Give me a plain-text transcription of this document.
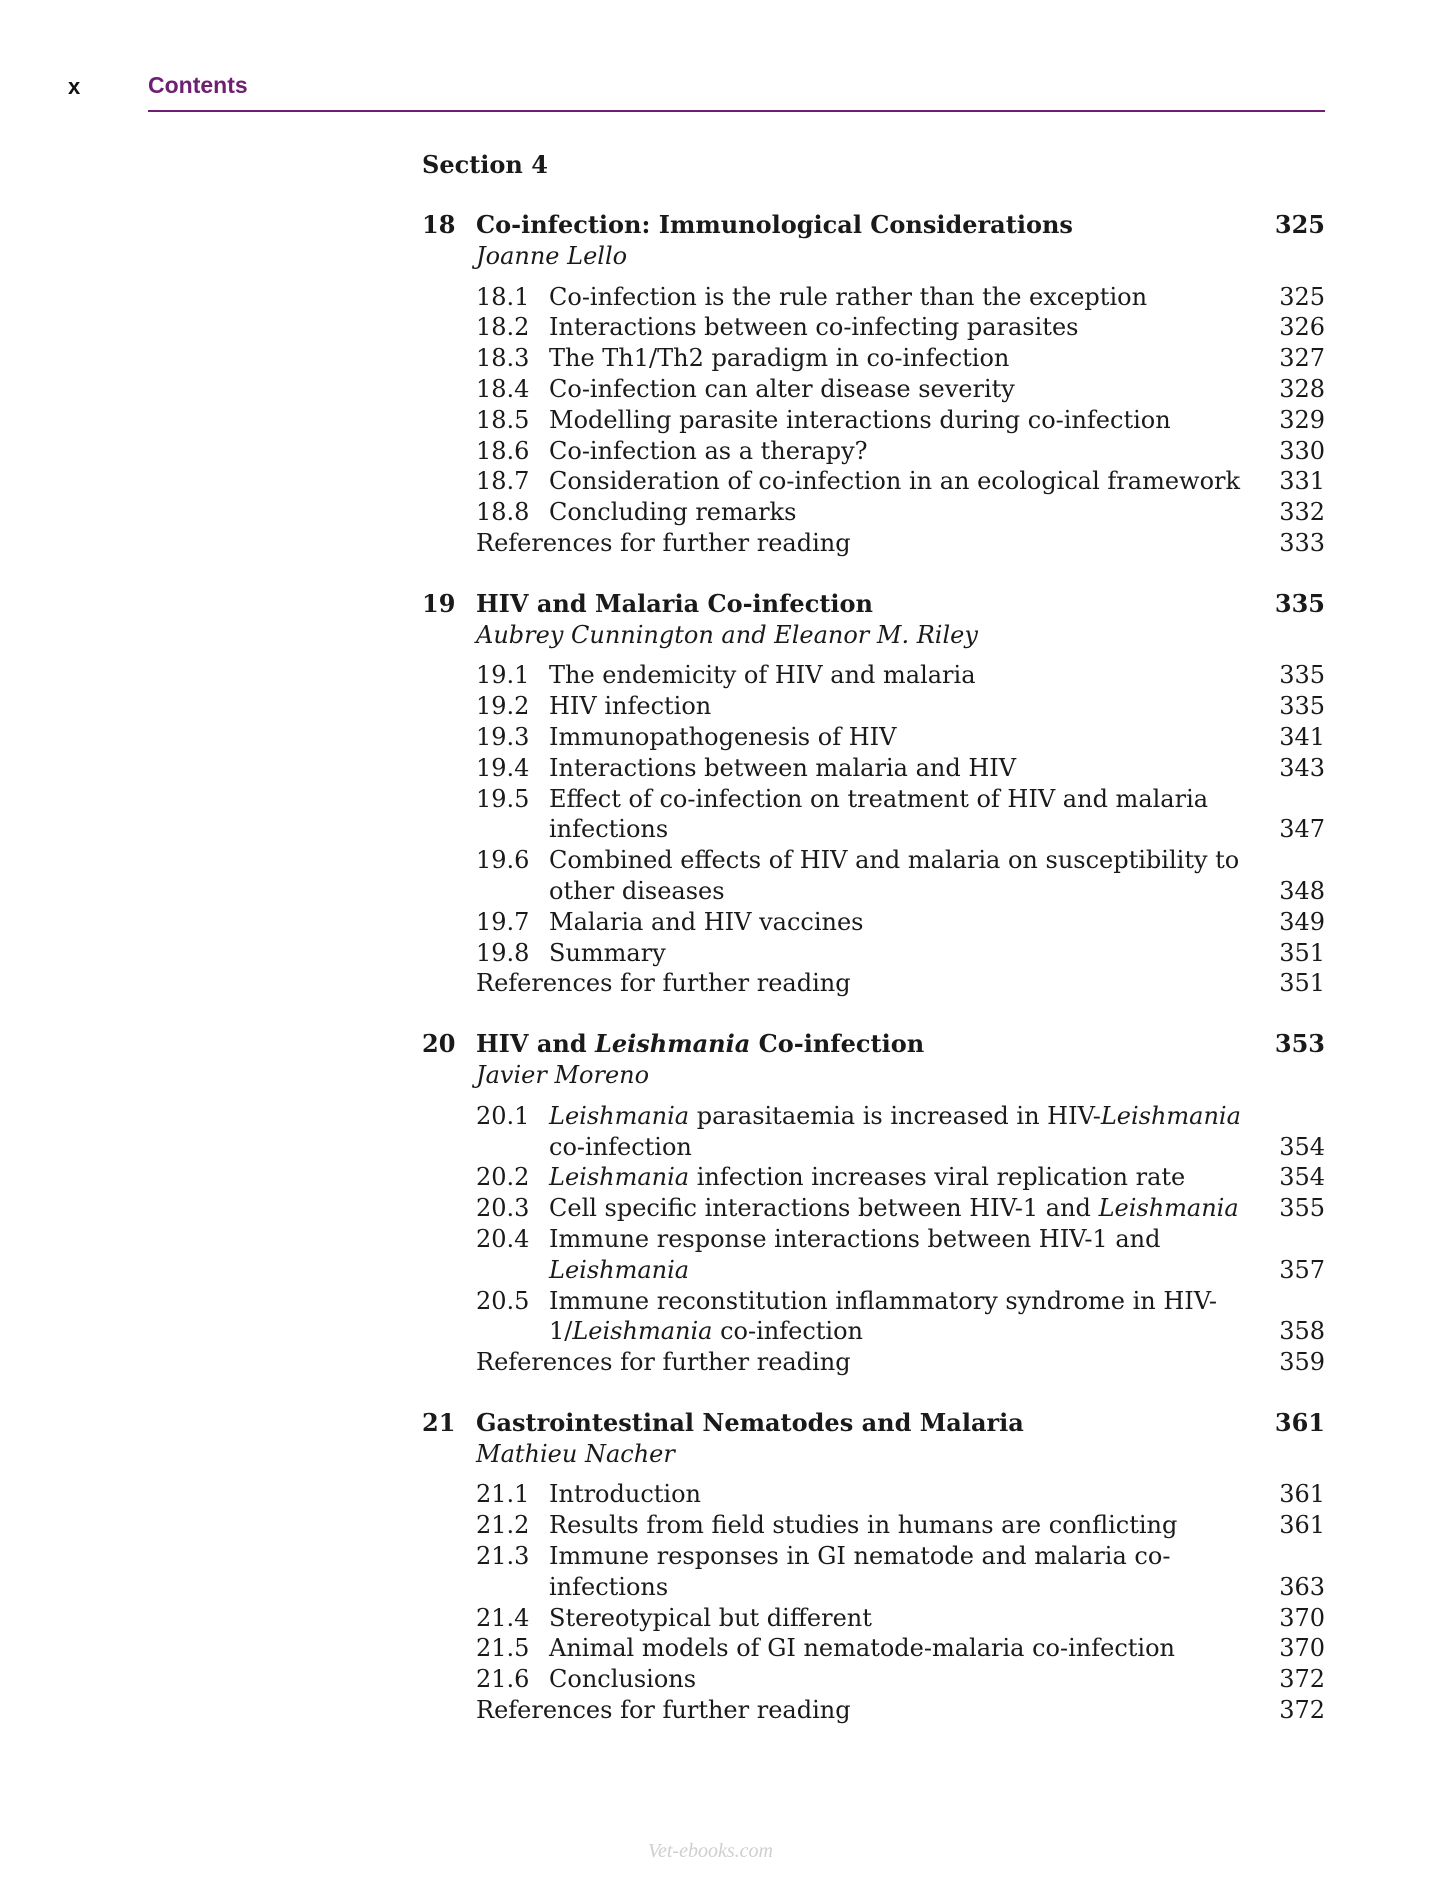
x	Contents
Section 4
18 Co-infection: Immunological Considerations	325
Joanne Lello
18.1 Co-infection is the rule rather than the exception	325
18.2 Interactions between co-infecting parasites	326
18.3 The Th1/Th2 paradigm in co-infection	327
18.4 Co-infection can alter disease severity	328
18.5 Modelling parasite interactions during co-infection	329
18.6 Co-infection as a therapy?	330
18.7 Consideration of co-infection in an ecological framework	331
18.8 Concluding remarks	332
References for further reading	333
19 HIV and Malaria Co-infection	335
Aubrey Cunnington and Eleanor M. Riley
19.1 The endemicity of HIV and malaria	335
19.2 HIV infection	335
19.3 Immunopathogenesis of HIV	341
19.4 Interactions between malaria and HIV	343
19.5 Effect of co-infection on treatment of HIV and malaria infections	347
19.6 Combined effects of HIV and malaria on susceptibility to other diseases	348
19.7 Malaria and HIV vaccines	349
19.8 Summary	351
References for further reading	351
20 HIV and Leishmania Co-infection	353
Javier Moreno
20.1 Leishmania parasitaemia is increased in HIV-Leishmania co-infection	354
20.2 Leishmania infection increases viral replication rate	354
20.3 Cell specific interactions between HIV-1 and Leishmania	355
20.4 Immune response interactions between HIV-1 and Leishmania	357
20.5 Immune reconstitution inflammatory syndrome in HIV-1/Leishmania co-infection	358
References for further reading	359
21 Gastrointestinal Nematodes and Malaria	361
Mathieu Nacher
21.1 Introduction	361
21.2 Results from field studies in humans are conflicting	361
21.3 Immune responses in GI nematode and malaria co-infections	363
21.4 Stereotypical but different	370
21.5 Animal models of GI nematode-malaria co-infection	370
21.6 Conclusions	372
References for further reading	372
Vet-ebooks.com
